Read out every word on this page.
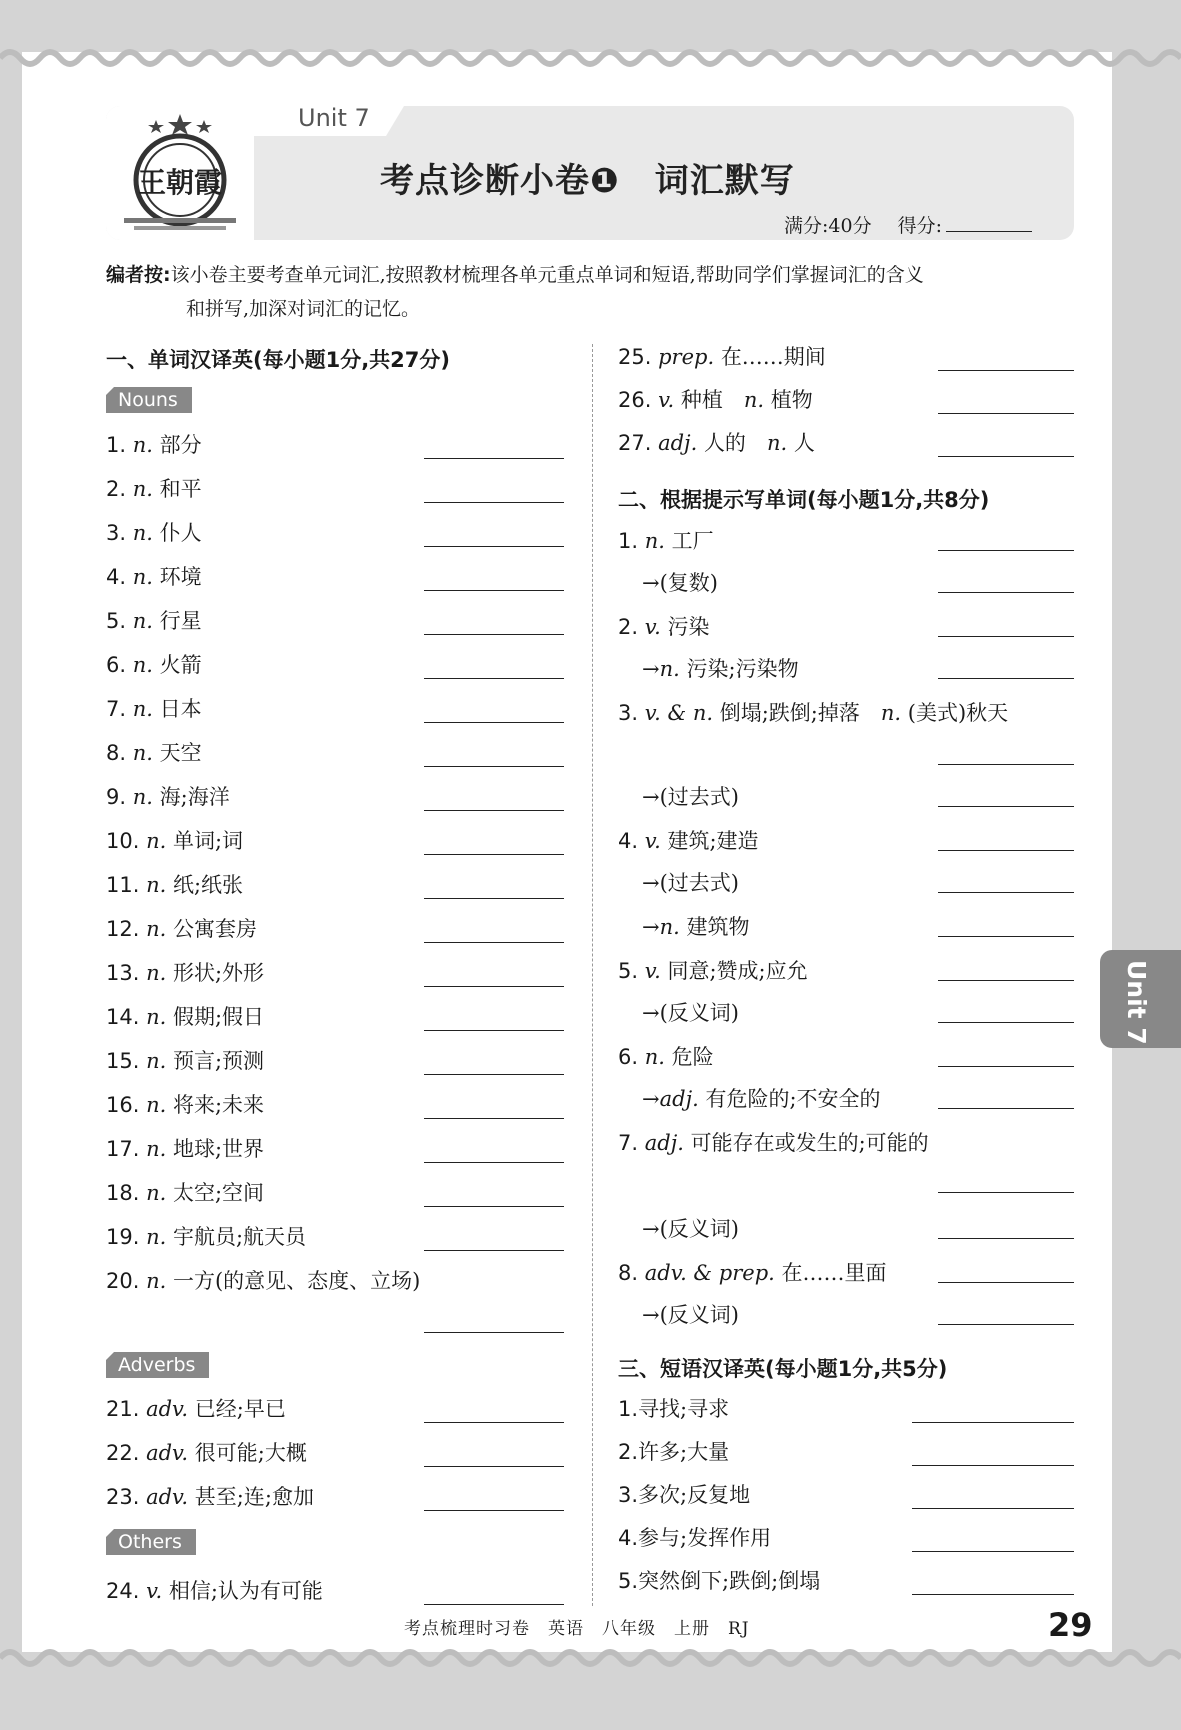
王朝霞
Unit 7
考点诊断小卷❶　词汇默写
满分:40分 得分:
编者按:该小卷主要考查单元词汇,按照教材梳理各单元重点单词和短语,帮助同学们掌握词汇的含义
和拼写,加深对词汇的记忆。
一、单词汉译英(每小题1分,共27分)
Nouns
Adverbs
Others
1. n. 部分
2. n. 和平
3. n. 仆人
4. n. 环境
5. n. 行星
6. n. 火箭
7. n. 日本
8. n. 天空
9. n. 海;海洋
10. n. 单词;词
11. n. 纸;纸张
12. n. 公寓套房
13. n. 形状;外形
14. n. 假期;假日
15. n. 预言;预测
16. n. 将来;未来
17. n. 地球;世界
18. n. 太空;空间
19. n. 宇航员;航天员
20. n. 一方(的意见、态度、立场)
21. adv. 已经;早已
22. adv. 很可能;大概
23. adv. 甚至;连;愈加
24. v. 相信;认为有可能
25. prep. 在……期间
26. v. 种植　 n. 植物
27. adj. 人的　 n. 人
二、根据提示写单词(每小题1分,共8分)
1. n. 工厂
→(复数)
2. v. 污染
→n. 污染;污染物
3. v. & n. 倒塌;跌倒;掉落　 n. (美式)秋天
→(过去式)
4. v. 建筑;建造
→(过去式)
→n. 建筑物
5. v. 同意;赞成;应允
→(反义词)
6. n. 危险
→adj. 有危险的;不安全的
7. adj. 可能存在或发生的;可能的
→(反义词)
8. adv. & prep. 在……里面
→(反义词)
三、短语汉译英(每小题1分,共5分)
1.寻找;寻求
2.许多;大量
3.多次;反复地
4.参与;发挥作用
5.突然倒下;跌倒;倒塌
Unit 7
考点梳理时习卷　英语　八年级　上册　RJ	29
